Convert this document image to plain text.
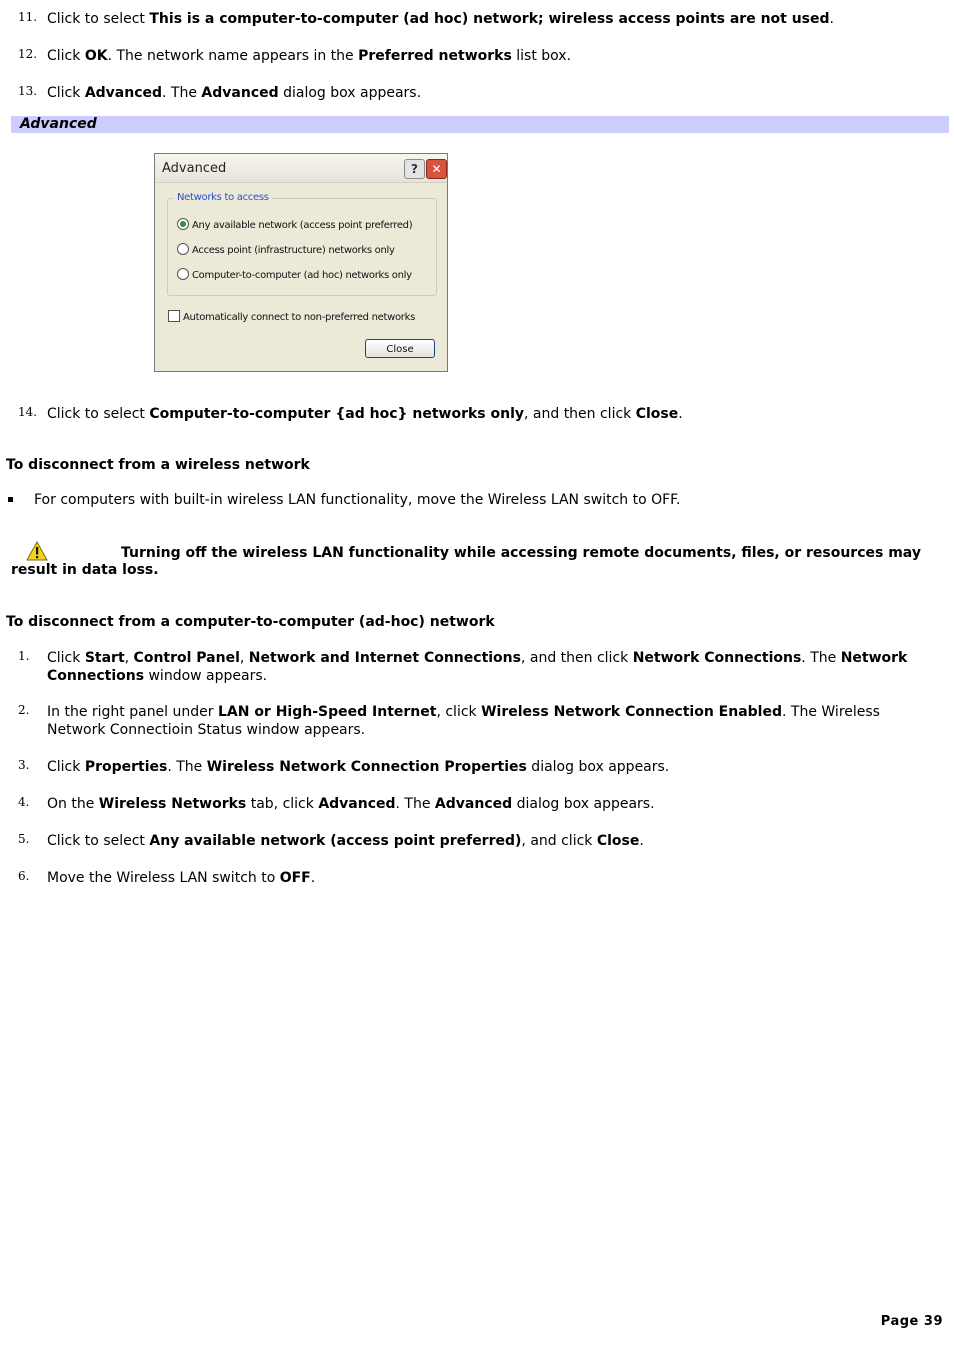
11. Click to select This is a computer-to-computer (ad hoc) network; wireless access points are not used.
12. Click OK. The network name appears in the Preferred networks list box.
13. Click Advanced. The Advanced dialog box appears.
Advanced
Advanced	?	✕
Networks to access
Any available network (access point preferred)
Access point (infrastructure) networks only
Computer-to-computer (ad hoc) networks only
Automatically connect to non-preferred networks
Close
14. Click to select Computer-to-computer {ad hoc} networks only, and then click Close.
To disconnect from a wireless network
For computers with built-in wireless LAN functionality, move the Wireless LAN switch to OFF.
Turning off the wireless LAN functionality while accessing remote documents, files, or resources may result in data loss.
To disconnect from a computer-to-computer (ad-hoc) network
1. Click Start, Control Panel, Network and Internet Connections, and then click Network Connections. The Network Connections window appears.
2. In the right panel under LAN or High-Speed Internet, click Wireless Network Connection Enabled. The Wireless Network Connectioin Status window appears.
3. Click Properties. The Wireless Network Connection Properties dialog box appears.
4. On the Wireless Networks tab, click Advanced. The Advanced dialog box appears.
5. Click to select Any available network (access point preferred), and click Close.
6. Move the Wireless LAN switch to OFF.
Page 39
